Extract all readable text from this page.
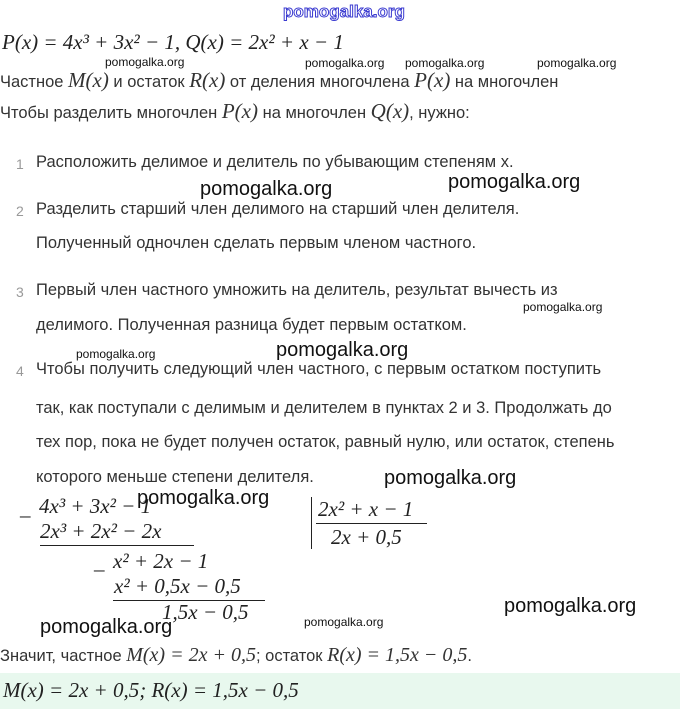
pomogalka.org
P(x) = 4x³ + 3x² − 1, Q(x) = 2x² + x − 1
pomogalka.org	pomogalka.org pomogalka.org	pomogalka.org
Частное M(x) и остаток R(x) от деления многочлена P(x) на многочлен
Чтобы разделить многочлен P(x) на многочлен Q(x), нужно:
1 Расположить делимое и делитель по убывающим степеням x.
2 Разделить старший член делимого на старший член делителя.
Полученный одночлен сделать первым членом частного.
3 Первый член частного умножить на делитель, результат вычесть из
делимого. Полученная разница будет первым остатком.
4 Чтобы получить следующий член частного, с первым остатком поступить
так, как поступали с делимым и делителем в пунктах 2 и 3. Продолжать до
тех пор, пока не будет получен остаток, равный нулю, или остаток, степень
которого меньше степени делителя.
pomogalka.org	pomogalka.org
pomogalka.org
pomogalka.org	pomogalka.org
pomogalka.org
_ 4x³ + 3x² − 1
2x³ + 2x² − 2x
_ x² + 2x − 1
x² + 0,5x − 0,5
1,5x − 0,5
2x² + x − 1
2x + 0,5
pomogalka.org
pomogalka.org
pomogalka.org	pomogalka.org
Значит, частное M(x) = 2x + 0,5; остаток R(x) = 1,5x − 0,5.
M(x) = 2x + 0,5; R(x) = 1,5x − 0,5
